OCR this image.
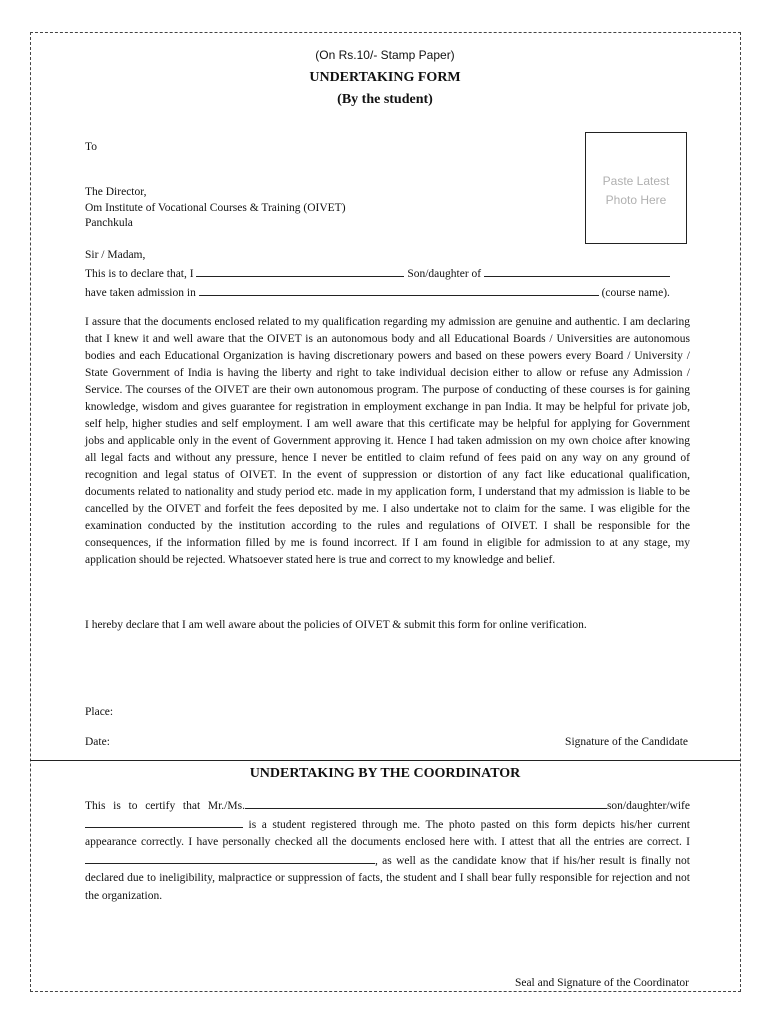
(On Rs.10/- Stamp Paper)
UNDERTAKING FORM
(By the student)
Paste Latest
Photo Here
To
The Director,
Om Institute of Vocational Courses & Training (OIVET)
Panchkula
Sir / Madam,
This is to declare that, I	Son/daughter of
have taken admission in	(course name).
I assure that the documents enclosed related to my qualification regarding my admission are genuine and authentic. I am declaring that I knew it and well aware that the OIVET is an autonomous body and all Educational Boards / Universities are autonomous bodies and each Educational Organization is having discretionary powers and based on these powers every Board / University / State Government of India is having the liberty and right to take individual decision either to allow or refuse any Admission / Service. The courses of the OIVET are their own autonomous program. The purpose of conducting of these courses is for gaining knowledge, wisdom and gives guarantee for registration in employment exchange in pan India. It may be helpful for private job, self help, higher studies and self employment. I am well aware that this certificate may be helpful for applying for Government jobs and applicable only in the event of Government approving it. Hence I had taken admission on my own choice after knowing all legal facts and without any pressure, hence I never be entitled to claim refund of fees paid on any way on any ground of recognition and legal status of OIVET. In the event of suppression or distortion of any fact like educational qualification, documents related to nationality and study period etc. made in my application form, I understand that my admission is liable to be cancelled by the OIVET and forfeit the fees deposited by me. I also undertake not to claim for the same. I was eligible for the examination conducted by the institution according to the rules and regulations of OIVET. I shall be responsible for the consequences, if the information filled by me is found incorrect. If I am found in eligible for admission to at any stage, my application should be rejected. Whatsoever stated here is true and correct to my knowledge and belief.
I hereby declare that I am well aware about the policies of OIVET & submit this form for online verification.
Place:
Date:	Signature of the Candidate
UNDERTAKING BY THE COORDINATOR
This is to certify that Mr./Ms.	son/daughter/wife  is a student registered through me. The photo pasted on this form depicts his/her current appearance correctly. I have personally checked all the documents enclosed here with. I attest that all the entries are correct. I, as well as the candidate know that if his/her result is finally not declared due to ineligibility, malpractice or suppression of facts, the student and I shall bear fully responsible for rejection and not the organization.
Seal and Signature of the Coordinator
